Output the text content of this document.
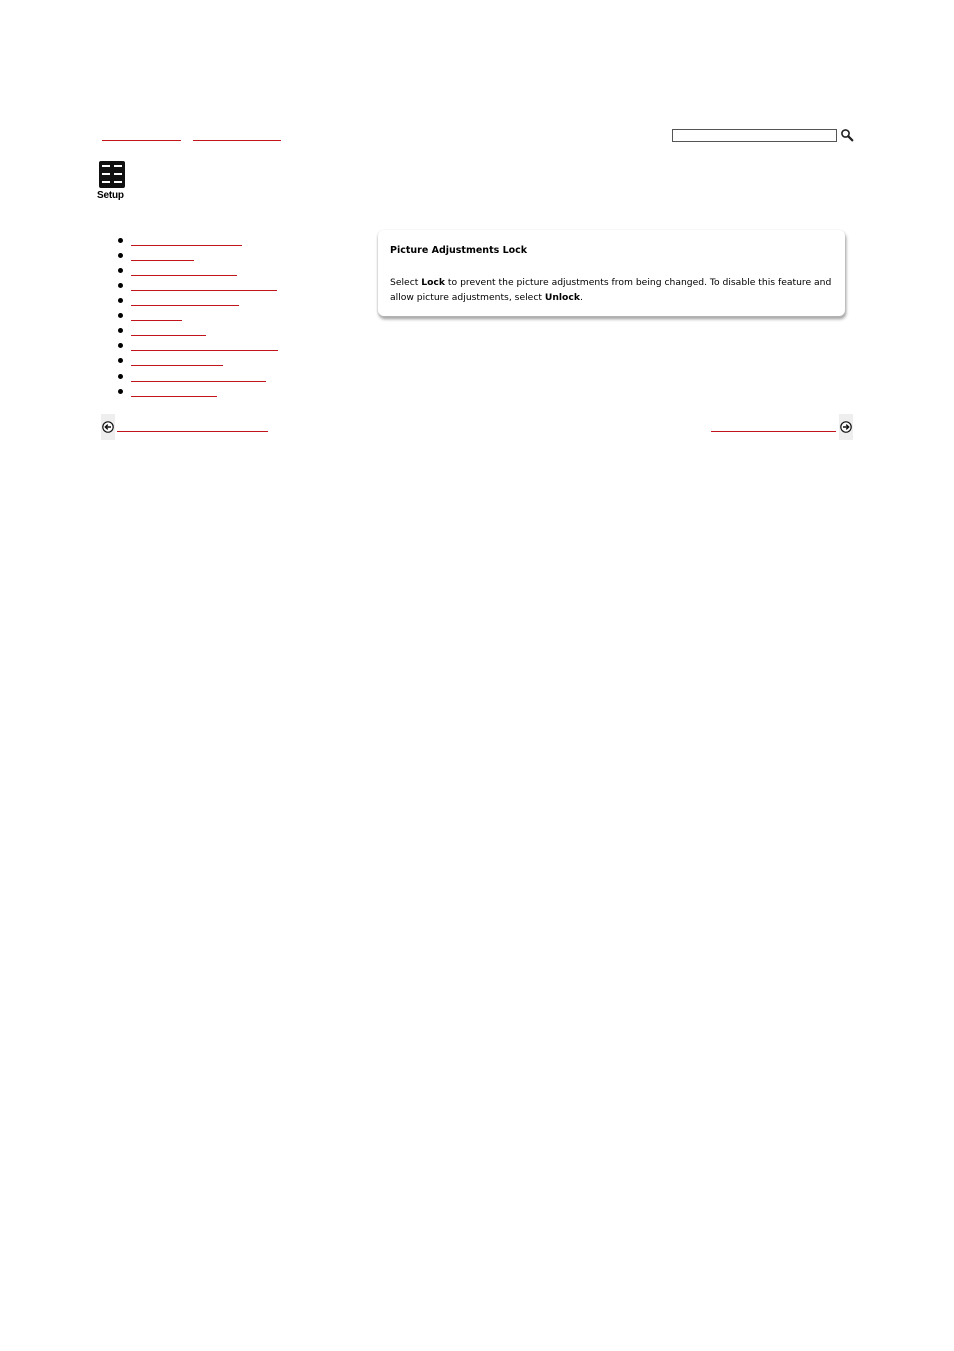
Setup
Picture Adjustments Lock
Select Lock to prevent the picture adjustments from being changed. To disable this feature and allow picture adjustments, select Unlock.
